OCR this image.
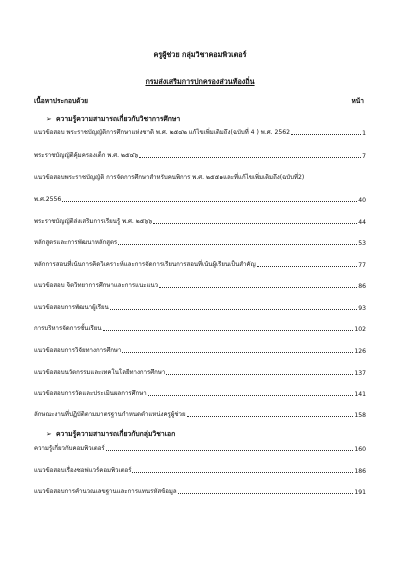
ครูผู้ช่วย กลุ่มวิชาคอมพิวเตอร์
กรมส่งเสริมการปกครองส่วนท้องถิ่น
เนื้อหาประกอบด้วย	หน้า
➢ ความรู้ความสามารถเกี่ยวกับวิชาการศึกษา
แนวข้อสอบ พระราชบัญญัติการศึกษาแห่งชาติ พ.ศ. ๒๕๔๒ แก้ไขเพิ่มเติมถึง(ฉบับที่ 4 ) พ.ศ. 2562	1
พระราชบัญญัติคุ้มครองเด็ก พ.ศ. ๒๕๔๖	7
แนวข้อสอบพระราชบัญญัติ การจัดการศึกษาสำหรับคนพิการ พ.ศ. ๒๕๕๑และที่แก้ไขเพิ่มเติมถึง(ฉบับที่2)
พ.ศ.2556	40
พระราชบัญญัติส่งเสริมการเรียนรู้ พ.ศ. ๒๕๖๖	44
หลักสูตรและการพัฒนาหลักสูตร	53
หลักการสอนที่เน้นการคิดวิเคราะห์และการจัดการเรียนการสอนที่เน้นผู้เรียนเป็นสำคัญ	77
แนวข้อสอบ จิตวิทยาการศึกษาและการแนะแนว	86
แนวข้อสอบการพัฒนาผู้เรียน	93
การบริหารจัดการชั้นเรียน	102
แนวข้อสอบการวิจัยทางการศึกษา	126
แนวข้อสอบนวัตกรรมและเทคโนโลยีทางการศึกษา	137
แนวข้อสอบการวัดและประเมินผลการศึกษา	141
ลักษณะงานที่ปฏิบัติตามมาตรฐานกำหนดตำแหน่งครูผู้ช่วย	158
➢ ความรู้ความสามารถเกี่ยวกับกลุ่มวิชาเอก
ความรู้เกี่ยวกับคอมพิวเตอร์	160
แนวข้อสอบเรื่องซอฟแวร์คอมพิวเตอร์	186
แนวข้อสอบการคำนวณเลขฐานและการแทนรหัสข้อมูล	191
